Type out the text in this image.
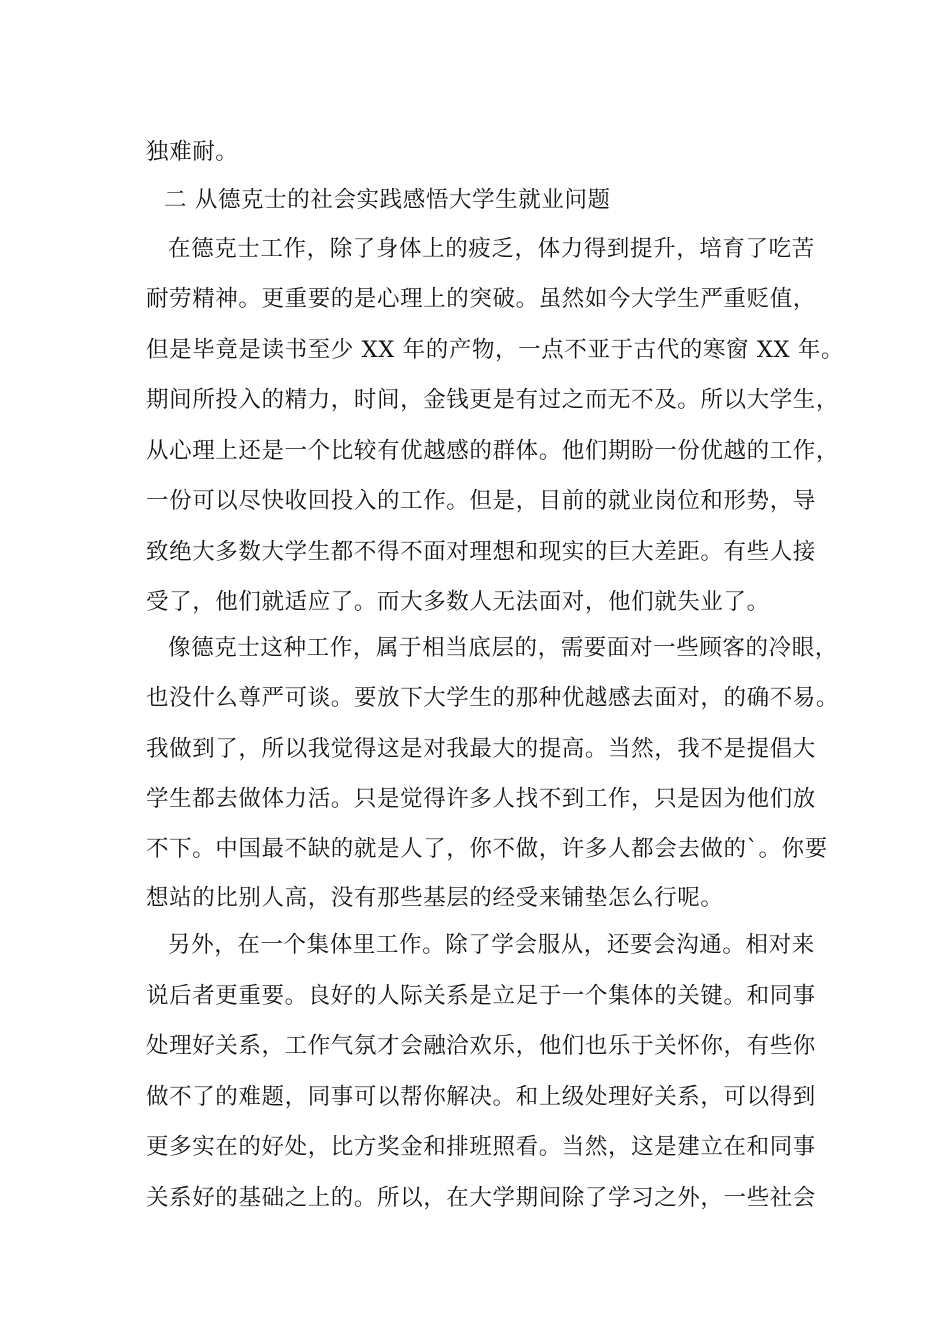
独难耐。
二 从德克士的社会实践感悟大学生就业问题
在德克士工作，除了身体上的疲乏，体力得到提升，培育了吃苦
耐劳精神。更重要的是心理上的突破。虽然如今大学生严重贬值，
但是毕竟是读书至少 XX 年的产物，一点不亚于古代的寒窗 XX 年。
期间所投入的精力，时间，金钱更是有过之而无不及。所以大学生，
从心理上还是一个比较有优越感的群体。他们期盼一份优越的工作，
一份可以尽快收回投入的工作。但是，目前的就业岗位和形势，导
致绝大多数大学生都不得不面对理想和现实的巨大差距。有些人接
受了，他们就适应了。而大多数人无法面对，他们就失业了。
像德克士这种工作，属于相当底层的，需要面对一些顾客的冷眼，
也没什么尊严可谈。要放下大学生的那种优越感去面对，的确不易。
我做到了，所以我觉得这是对我最大的提高。当然，我不是提倡大
学生都去做体力活。只是觉得许多人找不到工作，只是因为他们放
不下。中国最不缺的就是人了，你不做，许多人都会去做的`。你要
想站的比别人高，没有那些基层的经受来铺垫怎么行呢。
另外，在一个集体里工作。除了学会服从，还要会沟通。相对来
说后者更重要。良好的人际关系是立足于一个集体的关键。和同事
处理好关系，工作气氛才会融洽欢乐，他们也乐于关怀你，有些你
做不了的难题，同事可以帮你解决。和上级处理好关系，可以得到
更多实在的好处，比方奖金和排班照看。当然，这是建立在和同事
关系好的基础之上的。所以，在大学期间除了学习之外，一些社会
